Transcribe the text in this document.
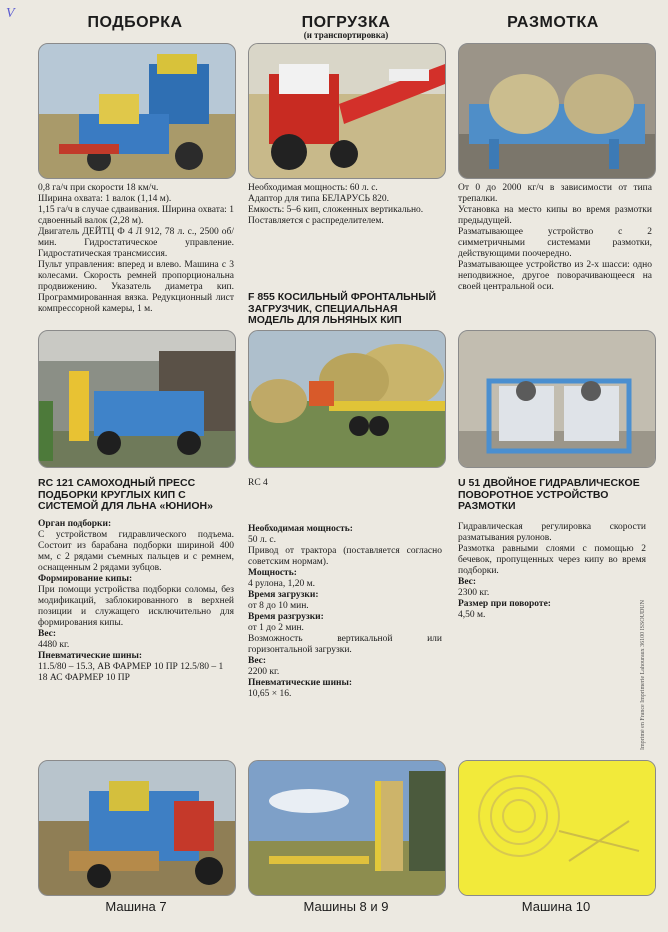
V
ПОДБОРКА	ПОГРУЗКА
(и транспортировка)
РАЗМОТКА

0,8 га/ч при скорости 18 км/ч.

Ширина охвата: 1 валок (1,14 м).

1,15 га/ч в случае сдваивания. Ширина охвата: 1 сдвоенный валок (2,28 м).

Двигатель ДЕЙТЦ Ф 4 Л 912, 78 л. с., 2500 об/мин. Гидростатическое управление. Гидростатическая трансмиссия.

Пульт управления: вперед и влево. Машина с 3 колесами. Скорость ремней пропорциональна продвижению. Указатель диаметра кип. Программированная вязка. Редукционный лист компрессорной камеры, 1 м.

Необходимая мощность: 60 л. с.

Адаптор для типа БЕЛАРУСЬ 820.

Емкость: 5–6 кип, сложенных вертикально.

Поставляется с распределителем.

От 0 до 2000 кг/ч в зависимости от типа трепалки.

Установка на место кипы во время размотки предыдущей.

Разматывающее устройство с 2 симметричными системами размотки, действующими поочередно.

Разматывающее устройство из 2-х шасси: одно неподвижное, другое поворачивающееся на своей центральной оси.

F 855 КОСИЛЬНЫЙ ФРОНТАЛЬНЫЙ ЗАГРУЗЧИК, СПЕЦИАЛЬНАЯ МОДЕЛЬ ДЛЯ ЛЬНЯНЫХ КИП
RC 121 САМОХОДНЫЙ ПРЕСС ПОДБОРКИ КРУГЛЫХ КИП С СИСТЕМОЙ ДЛЯ ЛЬНА «ЮНИОН»
RC 4	U 51 ДВОЙНОЕ ГИДРАВЛИЧЕСКОЕ ПОВОРОТНОЕ УСТРОЙСТВО РАЗМОТКИ

Орган подборки:

С устройством гидравлического подъема. Состоит из барабана подборки шириной 400 мм, с 2 рядами съемных пальцев и с ремнем, оснащенным 2 рядами зубцов.

Формирование кипы:

При помощи устройства подборки соломы, без модификаций, заблокированного в верхней позиции и служащего исключительно для формирования кипы.

Вес:

4480 кг.

Пневматические шины:

11.5/80 – 15.3, АВ ФАРМЕР 10 ПР 12.5/80 – 1 18 АС ФАРМЕР 10 ПР

Необходимая мощность:

50 л. с.

Привод от трактора (поставляется согласно советским нормам).

Мощность:

4 рулона, 1,20 м.

Время загрузки:

от 8 до 10 мин.

Время разгрузки:

от 1 до 2 мин.

Возможность вертикальной или горизонтальной загрузки.

Вес:

2200 кг.

Пневматические шины:

10,65 × 16.

Гидравлическая регулировка скорости разматывания рулонов.

Размотка равными слоями с помощью 2 бечевок, пропущенных через кипу во время подборки.

Вес:

2300 кг.

Размер при повороте:

4,50 м.	Imprimé en France Imprimerie Lahouraux 36100 ISSOUDUN
Машина 7	Машины 8 и 9	Машина 10
